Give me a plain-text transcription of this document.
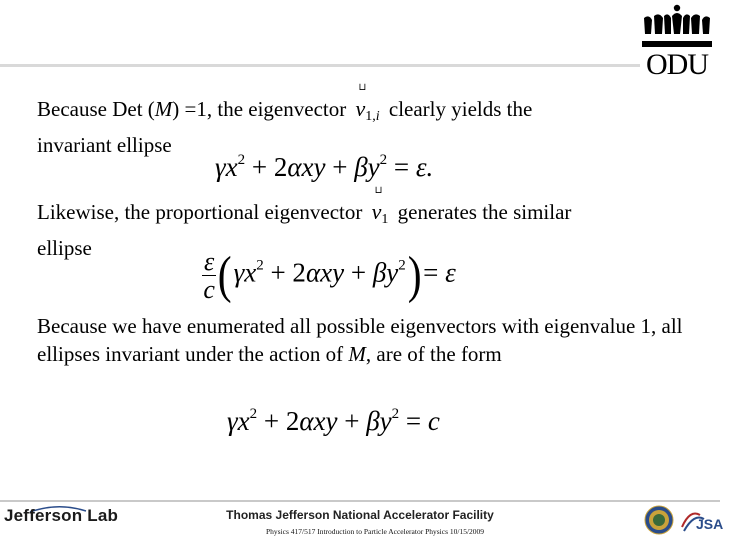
ODU
Because Det (M) =1, the eigenvector
⊔
$v_{1,i}$ clearly yields the
invariant ellipse
$\gamma x^2 + 2\alpha xy + \beta y^2 = \varepsilon$.
Likewise, the proportional eigenvector
⊔
$v_1$ generates the similar
ellipse	$\frac{\varepsilon}{c} (\gamma x^2 + 2\alpha xy + \beta y^2)= \varepsilon$
Because we have enumerated all possible eigenvectors with eigenvalue 1, all ellipses invariant under the action of M, are of the form
$\gamma x^2 + 2\alpha xy + \beta y^2 = c$
Jefferson Lab	Thomas Jefferson National Accelerator Facility
Physics 417/517 Introduction to Particle Accelerator Physics 10/15/2009	JSA
